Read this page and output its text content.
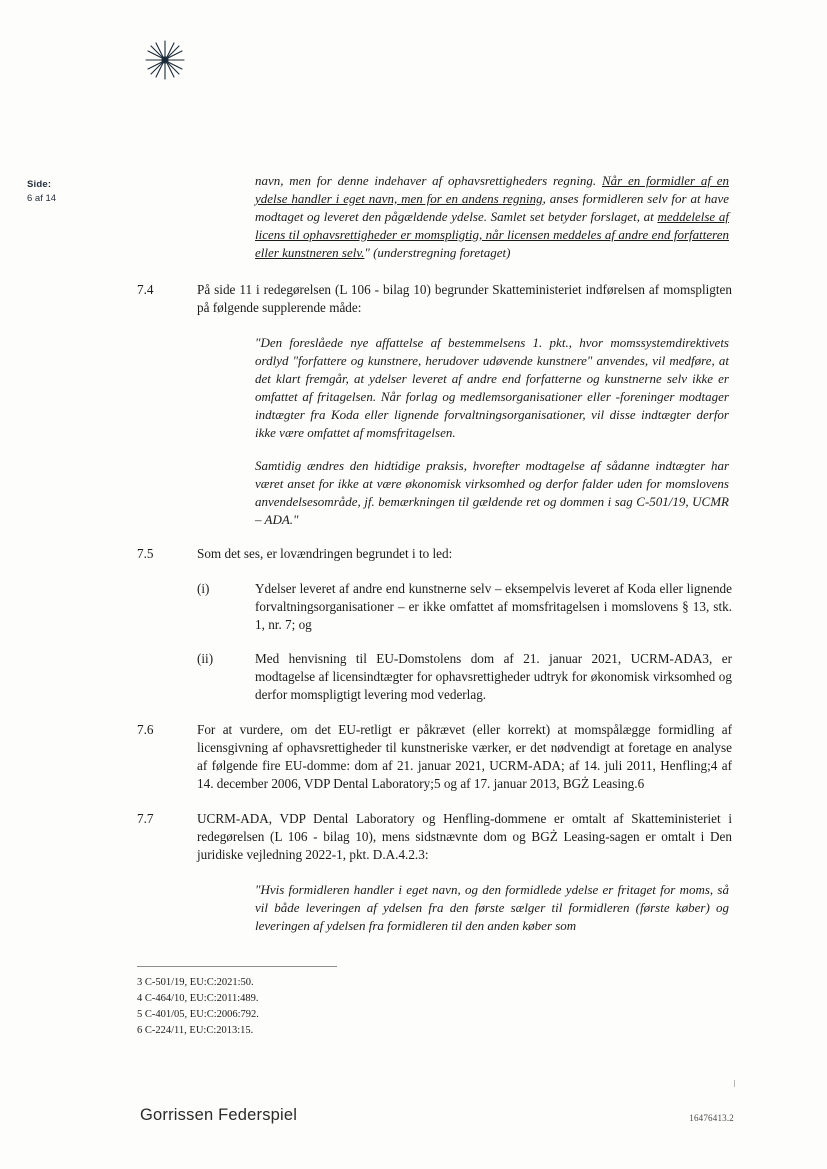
Side:
6 af 14

navn, men for denne indehaver af ophavsrettigheders regning. Når en formidler af en ydelse handler i eget navn, men for en andens regning, anses formidleren selv for at have modtaget og leveret den pågældende ydelse. Samlet set betyder forslaget, at meddelelse af licens til ophavsrettigheder er momspligtig, når licensen meddeles af andre end forfatteren eller kunstneren selv." (understregning foretaget)

7.4	På side 11 i redegørelsen (L 106 - bilag 10) begrunder Skatteministeriet indførelsen af momspligten på følgende supplerende måde:

"Den foreslåede nye affattelse af bestemmelsens 1. pkt., hvor momssystemdirektivets ordlyd "forfattere og kunstnere, herudover udøvende kunstnere" anvendes, vil medføre, at det klart fremgår, at ydelser leveret af andre end forfatterne og kunstnerne selv ikke er omfattet af fritagelsen. Når forlag og medlemsorganisationer eller -foreninger modtager indtægter fra Koda eller lignende forvaltningsorganisationer, vil disse indtægter derfor ikke være omfattet af momsfritagelsen.

Samtidig ændres den hidtidige praksis, hvorefter modtagelse af sådanne indtægter har været anset for ikke at være økonomisk virksomhed og derfor falder uden for momslovens anvendelsesområde, jf. bemærkningen til gældende ret og dommen i sag C-501/19, UCMR – ADA."

7.5	Som det ses, er lovændringen begrundet i to led:
(i)	Ydelser leveret af andre end kunstnerne selv – eksempelvis leveret af Koda eller lignende forvaltningsorganisationer – er ikke omfattet af momsfritagelsen i momslovens § 13, stk. 1, nr. 7; og
(ii)	Med henvisning til EU-Domstolens dom af 21. januar 2021, UCRM-ADA3, er modtagelse af licensindtægter for ophavsrettigheder udtryk for økonomisk virksomhed og derfor momspligtigt levering mod vederlag.
7.6	For at vurdere, om det EU-retligt er påkrævet (eller korrekt) at momspålægge formidling af licensgivning af ophavsrettigheder til kunstneriske værker, er det nødvendigt at foretage en analyse af følgende fire EU-domme: dom af 21. januar 2021, UCRM-ADA; af 14. juli 2011, Henfling;4 af 14. december 2006, VDP Dental Laboratory;5 og af 17. januar 2013, BGŻ Leasing.6
7.7	UCRM-ADA, VDP Dental Laboratory og Henfling-dommene er omtalt af Skatteministeriet i redegørelsen (L 106 - bilag 10), mens sidstnævnte dom og BGŻ Leasing-sagen er omtalt i Den juridiske vejledning 2022-1, pkt. D.A.4.2.3:

"Hvis formidleren handler i eget navn, og den formidlede ydelse er fritaget for moms, så vil både leveringen af ydelsen fra den første sælger til formidleren (første køber) og leveringen af ydelsen fra formidleren til den anden køber som

3 C-501/19, EU:C:2021:50.
4 C-464/10, EU:C:2011:489.
5 C-401/05, EU:C:2006:792.
6 C-224/11, EU:C:2013:15.
Gorrissen Federspiel	16476413.2
